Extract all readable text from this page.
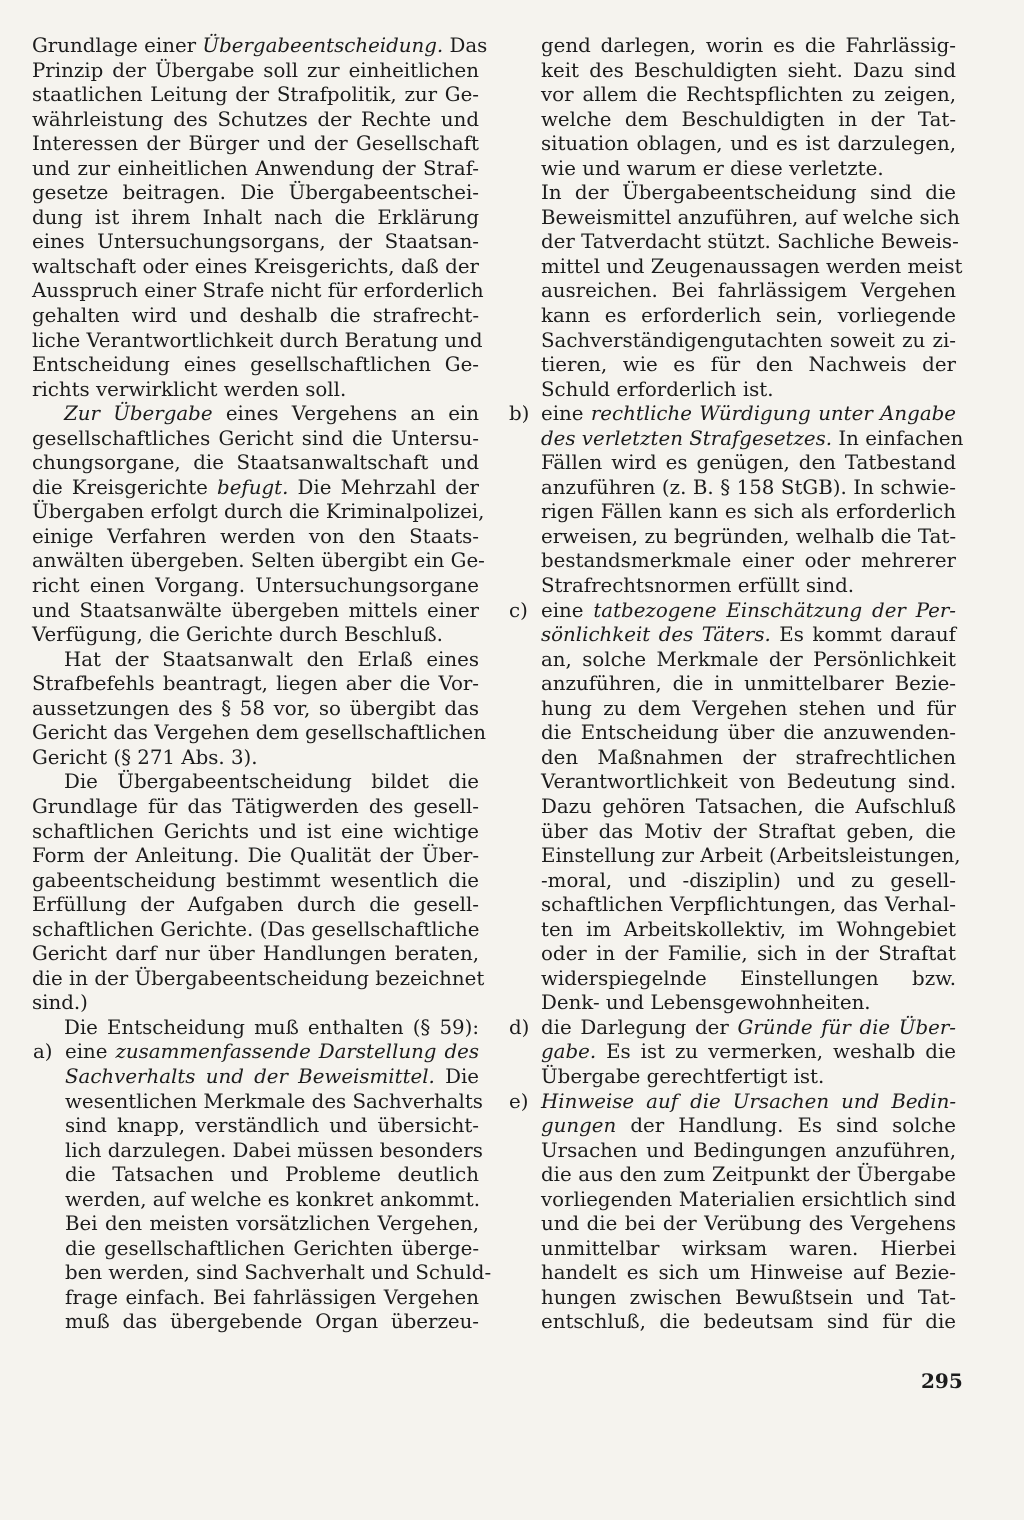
Grundlage einer Übergabeentscheidung. Das
Prinzip der Übergabe soll zur einheitlichen
staatlichen Leitung der Strafpolitik, zur Ge-
währleistung des Schutzes der Rechte und
Interessen der Bürger und der Gesellschaft
und zur einheitlichen Anwendung der Straf-
gesetze beitragen. Die Übergabeentschei-
dung ist ihrem Inhalt nach die Erklärung
eines Untersuchungsorgans, der Staatsan-
waltschaft oder eines Kreisgerichts, daß der
Ausspruch einer Strafe nicht für erforderlich
gehalten wird und deshalb die strafrecht-
liche Verantwortlichkeit durch Beratung und
Entscheidung eines gesellschaftlichen Ge-
richts verwirklicht werden soll.
Zur Übergabe eines Vergehens an ein
gesellschaftliches Gericht sind die Untersu-
chungsorgane, die Staatsanwaltschaft und
die Kreisgerichte befugt. Die Mehrzahl der
Übergaben erfolgt durch die Kriminalpolizei,
einige Verfahren werden von den Staats-
anwälten übergeben. Selten übergibt ein Ge-
richt einen Vorgang. Untersuchungsorgane
und Staatsanwälte übergeben mittels einer
Verfügung, die Gerichte durch Beschluß.
Hat der Staatsanwalt den Erlaß eines
Strafbefehls beantragt, liegen aber die Vor-
aussetzungen des § 58 vor, so übergibt das
Gericht das Vergehen dem gesellschaftlichen
Gericht (§ 271 Abs. 3).
Die Übergabeentscheidung bildet die
Grundlage für das Tätigwerden des gesell-
schaftlichen Gerichts und ist eine wichtige
Form der Anleitung. Die Qualität der Über-
gabeentscheidung bestimmt wesentlich die
Erfüllung der Aufgaben durch die gesell-
schaftlichen Gerichte. (Das gesellschaftliche
Gericht darf nur über Handlungen beraten,
die in der Übergabeentscheidung bezeichnet
sind.)
Die Entscheidung muß enthalten (§ 59):
a) eine zusammenfassende Darstellung des
Sachverhalts und der Beweismittel. Die
wesentlichen Merkmale des Sachverhalts
sind knapp, verständlich und übersicht-
lich darzulegen. Dabei müssen besonders
die Tatsachen und Probleme deutlich
werden, auf welche es konkret ankommt.
Bei den meisten vorsätzlichen Vergehen,
die gesellschaftlichen Gerichten überge-
ben werden, sind Sachverhalt und Schuld-
frage einfach. Bei fahrlässigen Vergehen
muß das übergebende Organ überzeu-
gend darlegen, worin es die Fahrlässig-
keit des Beschuldigten sieht. Dazu sind
vor allem die Rechtspflichten zu zeigen,
welche dem Beschuldigten in der Tat-
situation oblagen, und es ist darzulegen,
wie und warum er diese verletzte.
In der Übergabeentscheidung sind die
Beweismittel anzuführen, auf welche sich
der Tatverdacht stützt. Sachliche Beweis-
mittel und Zeugenaussagen werden meist
ausreichen. Bei fahrlässigem Vergehen
kann es erforderlich sein, vorliegende
Sachverständigengutachten soweit zu zi-
tieren, wie es für den Nachweis der
Schuld erforderlich ist.
b) eine rechtliche Würdigung unter Angabe
des verletzten Strafgesetzes. In einfachen
Fällen wird es genügen, den Tatbestand
anzuführen (z. B. § 158 StGB). In schwie-
rigen Fällen kann es sich als erforderlich
erweisen, zu begründen, welhalb die Tat-
bestandsmerkmale einer oder mehrerer
Strafrechtsnormen erfüllt sind.
c) eine tatbezogene Einschätzung der Per-
sönlichkeit des Täters. Es kommt darauf
an, solche Merkmale der Persönlichkeit
anzuführen, die in unmittelbarer Bezie-
hung zu dem Vergehen stehen und für
die Entscheidung über die anzuwenden-
den Maßnahmen der strafrechtlichen
Verantwortlichkeit von Bedeutung sind.
Dazu gehören Tatsachen, die Aufschluß
über das Motiv der Straftat geben, die
Einstellung zur Arbeit (Arbeitsleistungen,
-moral, und -disziplin) und zu gesell-
schaftlichen Verpflichtungen, das Verhal-
ten im Arbeitskollektiv, im Wohngebiet
oder in der Familie, sich in der Straftat
widerspiegelnde Einstellungen bzw.
Denk- und Lebensgewohnheiten.
d) die Darlegung der Gründe für die Über-
gabe. Es ist zu vermerken, weshalb die
Übergabe gerechtfertigt ist.
e) Hinweise auf die Ursachen und Bedin-
gungen der Handlung. Es sind solche
Ursachen und Bedingungen anzuführen,
die aus den zum Zeitpunkt der Übergabe
vorliegenden Materialien ersichtlich sind
und die bei der Verübung des Vergehens
unmittelbar wirksam waren. Hierbei
handelt es sich um Hinweise auf Bezie-
hungen zwischen Bewußtsein und Tat-
entschluß, die bedeutsam sind für die
295
